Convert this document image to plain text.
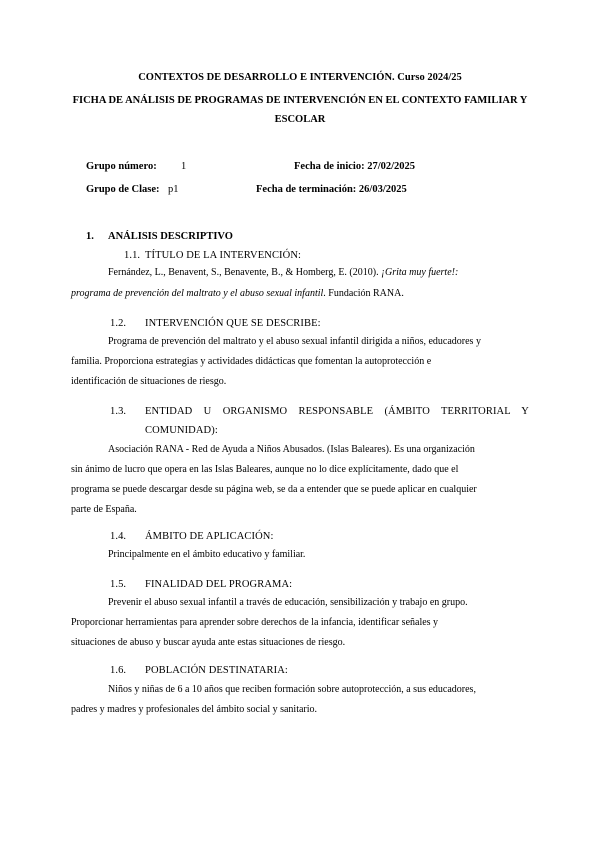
CONTEXTOS DE DESARROLLO E INTERVENCIÓN. Curso 2024/25
FICHA DE ANÁLISIS DE PROGRAMAS DE INTERVENCIÓN EN EL CONTEXTO FAMILIAR Y
ESCOLAR
Grupo número: 1	Fecha de inicio: 27/02/2025
Grupo de Clase: p1	Fecha de terminación: 26/03/2025
1. ANÁLISIS DESCRIPTIVO
1.1. TÍTULO DE LA INTERVENCIÓN:
Fernández, L., Benavent, S., Benavente, B., & Homberg, E. (2010). ¡Grita muy fuerte!:
programa de prevención del maltrato y el abuso sexual infantil. Fundación RANA.
1.2. INTERVENCIÓN QUE SE DESCRIBE:
Programa de prevención del maltrato y el abuso sexual infantil dirigida a niños, educadores y
familia. Proporciona estrategias y actividades didácticas que fomentan la autoprotección e
identificación de situaciones de riesgo.
1.3. ENTIDAD U ORGANISMO RESPONSABLE (ÁMBITO TERRITORIAL Y
COMUNIDAD):
Asociación RANA - Red de Ayuda a Niños Abusados. (Islas Baleares). Es una organización
sin ánimo de lucro que opera en las Islas Baleares, aunque no lo dice explícitamente, dado que el
programa se puede descargar desde su página web, se da a entender que se puede aplicar en cualquier
parte de España.
1.4. ÁMBITO DE APLICACIÓN:
Principalmente en el ámbito educativo y familiar.
1.5. FINALIDAD DEL PROGRAMA:
Prevenir el abuso sexual infantil a través de educación, sensibilización y trabajo en grupo.
Proporcionar herramientas para aprender sobre derechos de la infancia, identificar señales y
situaciones de abuso y buscar ayuda ante estas situaciones de riesgo.
1.6. POBLACIÓN DESTINATARIA:
Niños y niñas de 6 a 10 años que reciben formación sobre autoprotección, a sus educadores,
padres y madres y profesionales del ámbito social y sanitario.
